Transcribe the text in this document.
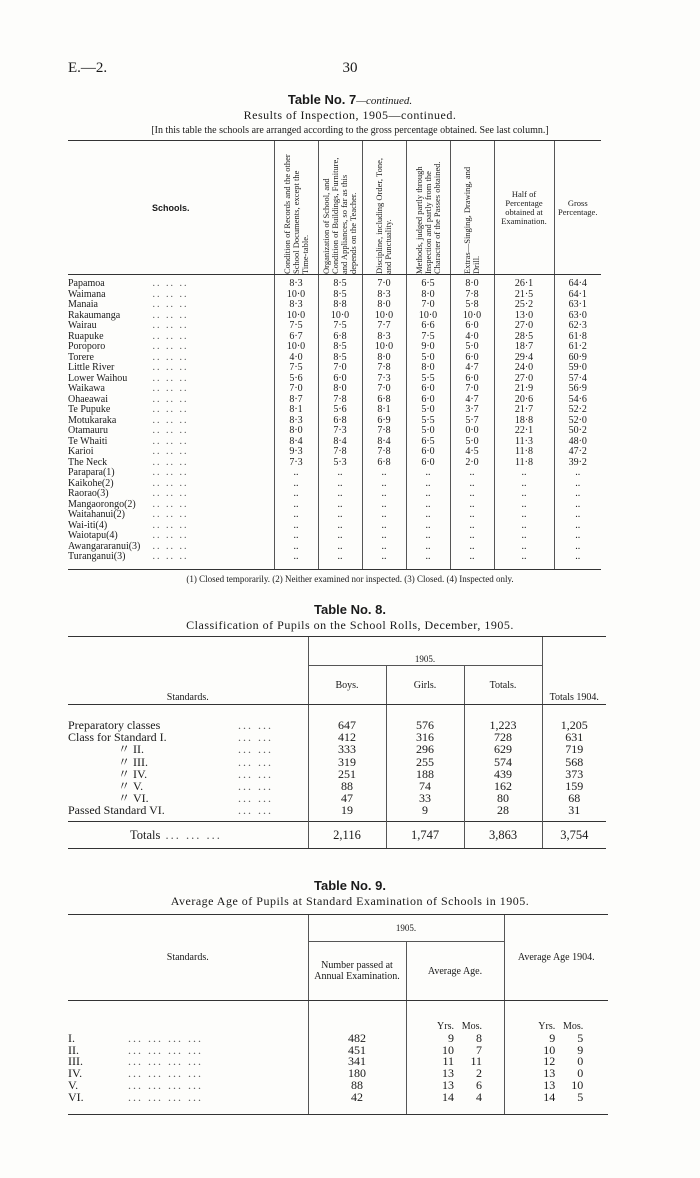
E.—2.	30
Table No. 7—continued.
Results of Inspection, 1905—continued.
[In this table the schools are arranged according to the gross percentage obtained. See last column.]
Schools.	Condition of Records and the other School Documents, except the Time-table.	Organization of School, and Condition of Buildings, Furniture, and Appliances, so far as this depends on the Teacher.	Discipline, including Order, Tone, and Punctuality.	Methods, judged partly through Inspection and partly from the Character of the Passes obtained.	Extras—Singing, Drawing, and Drill.	Half of Percentage obtained at Examination.	Gross Percentage.
Papamoa .. .. ..	8·3	8·5	7·0	6·5	8·0	26·1	64·4
Waimana .. .. ..	10·0	8·5	8·3	8·0	7·8	21·5	64·1
Manaia .. .. ..	8·3	8·8	8·0	7·0	5·8	25·2	63·1
Rakaumanga .. .. ..	10·0	10·0	10·0	10·0	10·0	13·0	63·0
Wairau .. .. ..	7·5	7·5	7·7	6·6	6·0	27·0	62·3
Ruapuke .. .. ..	6·7	6·8	8·3	7·5	4·0	28·5	61·8
Poroporo .. .. ..	10·0	8·5	10·0	9·0	5·0	18·7	61·2
Torere .. .. ..	4·0	8·5	8·0	5·0	6·0	29·4	60·9
Little River .. .. ..	7·5	7·0	7·8	8·0	4·7	24·0	59·0
Lower Waihou .. .. ..	5·6	6·0	7·3	5·5	6·0	27·0	57·4
Waikawa .. .. ..	7·0	8·0	7·0	6·0	7·0	21·9	56·9
Ohaeawai .. .. ..	8·7	7·8	6·8	6·0	4·7	20·6	54·6
Te Pupuke .. .. ..	8·1	5·6	8·1	5·0	3·7	21·7	52·2
Motukaraka .. .. ..	8·3	6·8	6·9	5·5	5·7	18·8	52·0
Otamauru .. .. ..	8·0	7·3	7·8	5·0	0·0	22·1	50·2
Te Whaiti .. .. ..	8·4	8·4	8·4	6·5	5·0	11·3	48·0
Karioi .. .. ..	9·3	7·8	7·8	6·0	4·5	11·8	47·2
The Neck .. .. ..	7·3	5·3	6·8	6·0	2·0	11·8	39·2
Parapara(1) .. .. ..	..	..	..	..	..	..	..
Kaikohe(2) .. .. ..	..	..	..	..	..	..	..
Raorao(3) .. .. ..	..	..	..	..	..	..	..
Mangaorongo(2) .. .. ..	..	..	..	..	..	..	..
Waitahanui(2) .. .. ..	..	..	..	..	..	..	..
Wai-iti(4) .. .. ..	..	..	..	..	..	..	..
Waiotapu(4) .. .. ..	..	..	..	..	..	..	..
Awangararanui(3) .. .. ..	..	..	..	..	..	..	..
Turanganui(3) .. .. ..	..	..	..	..	..	..	..
(1) Closed temporarily. (2) Neither examined nor inspected. (3) Closed. (4) Inspected only.
Table No. 8.
Classification of Pupils on the School Rolls, December, 1905.
Standards.	1905.			Totals 1904.
	Boys.	Girls.	Totals.	
Preparatory classes ... ...	647	576	1,223	1,205
Class for Standard I. ... ...	412	316	728	631
〃 II. ... ...	333	296	629	719
〃 III. ... ...	319	255	574	568
〃 IV. ... ...	251	188	439	373
〃 V. ... ...	88	74	162	159
〃 VI. ... ...	47	33	80	68
Passed Standard VI. ... ...	19	9	28	31
Totals ... ... ...	2,116	1,747	3,863	3,754
Table No. 9.
Average Age of Pupils at Standard Examination of Schools in 1905.
Standards.	1905.		Average Age 1904.
	Number passed at Annual Examination.	Average Age.	
		Yrs. Mos.	Yrs. Mos.
I. ... ... ... ...	482	9 8	9 5
II. ... ... ... ...	451	10 7	10 9
III. ... ... ... ...	341	11 11	12 0
IV. ... ... ... ...	180	13 2	13 0
V. ... ... ... ...	88	13 6	13 10
VI. ... ... ... ...	42	14 4	14 5
